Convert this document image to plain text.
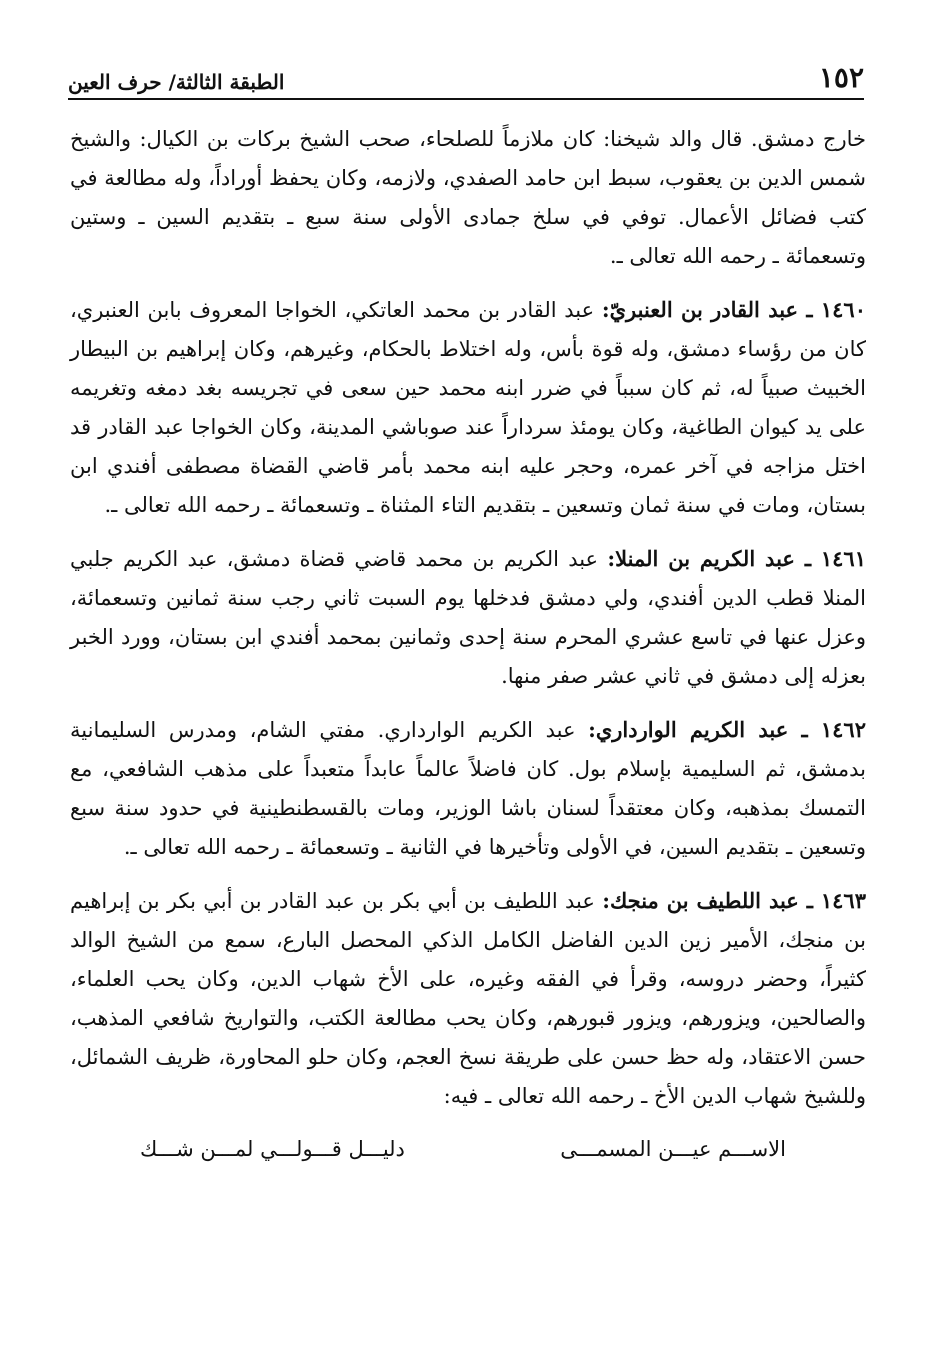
١٥٢
الطبقة الثالثة/ حرف العين

خارج دمشق. قال والد شيخنا: كان ملازماً للصلحاء، صحب الشيخ بركات بن الكيال: والشيخ شمس الدين بن يعقوب، سبط ابن حامد الصفدي، ولازمه، وكان يحفظ أوراداً، وله مطالعة في كتب فضائل الأعمال. توفي في سلخ جمادى الأولى سنة سبع ـ بتقديم السين ـ وستين وتسعمائة ـ رحمه الله تعالى ـ.

١٤٦٠ ـ عبد القادر بن العنبريّ: عبد القادر بن محمد العاتكي، الخواجا المعروف بابن العنبري، كان من رؤساء دمشق، وله قوة بأس، وله اختلاط بالحكام، وغيرهم، وكان إبراهيم بن البيطار الخبيث صبياً له، ثم كان سبباً في ضرر ابنه محمد حين سعى في تجريسه بغد دمغه وتغريمه على يد كيوان الطاغية، وكان يومئذ سرداراً عند صوباشي المدينة، وكان الخواجا عبد القادر قد اختل مزاجه في آخر عمره، وحجر عليه ابنه محمد بأمر قاضي القضاة مصطفى أفندي ابن بستان، ومات في سنة ثمان وتسعين ـ بتقديم التاء المثناة ـ وتسعمائة ـ رحمه الله تعالى ـ.

١٤٦١ ـ عبد الكريم بن المنلا: عبد الكريم بن محمد قاضي قضاة دمشق، عبد الكريم جلبي المنلا قطب الدين أفندي، ولي دمشق فدخلها يوم السبت ثاني رجب سنة ثمانين وتسعمائة، وعزل عنها في تاسع عشري المحرم سنة إحدى وثمانين بمحمد أفندي ابن بستان، وورد الخبر بعزله إلى دمشق في ثاني عشر صفر منها.

١٤٦٢ ـ عبد الكريم الوارداري: عبد الكريم الوارداري. مفتي الشام، ومدرس السليمانية بدمشق، ثم السليمية بإسلام بول. كان فاضلاً عالماً عابداً متعبداً على مذهب الشافعي، مع التمسك بمذهبه، وكان معتقداً لسنان باشا الوزير، ومات بالقسطنطينية في حدود سنة سبع وتسعين ـ بتقديم السين، في الأولى وتأخيرها في الثانية ـ وتسعمائة ـ رحمه الله تعالى ـ.

١٤٦٣ ـ عبد اللطيف بن منجك: عبد اللطيف بن أبي بكر بن عبد القادر بن أبي بكر بن إبراهيم بن منجك، الأمير زين الدين الفاضل الكامل الذكي المحصل البارع، سمع من الشيخ الوالد كثيراً، وحضر دروسه، وقرأ في الفقه وغيره، على الأخ شهاب الدين، وكان يحب العلماء، والصالحين، ويزورهم، ويزور قبورهم، وكان يحب مطالعة الكتب، والتواريخ شافعي المذهب، حسن الاعتقاد، وله حظ حسن على طريقة نسخ العجم، وكان حلو المحاورة، ظريف الشمائل، وللشيخ شهاب الدين الأخ ـ رحمه الله تعالى ـ فيه:

الاســـم عيـــن المسمـــى
دليـــل قـــولـــي لمـــن شـــك
